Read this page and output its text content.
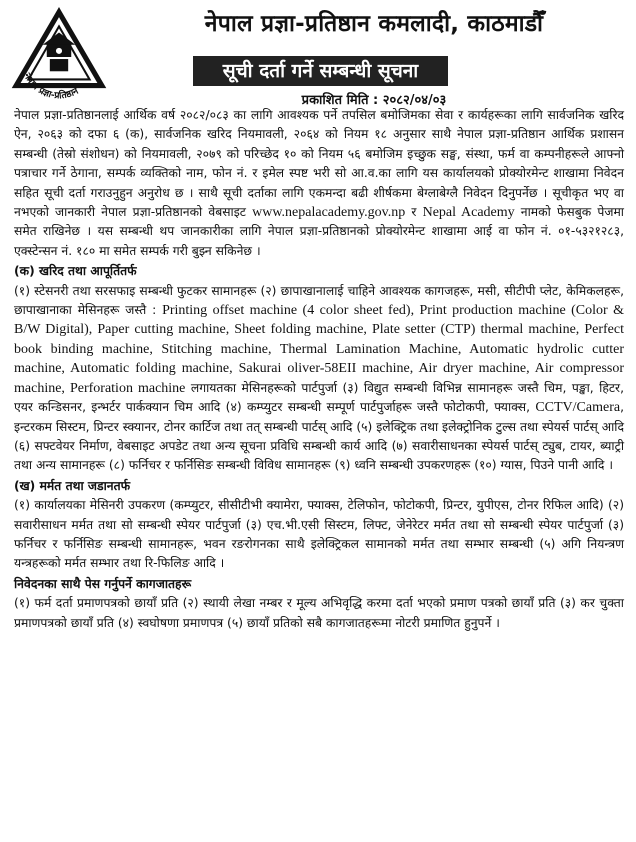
नेपाल प्रज्ञा-प्रतिष्ठान
नेपाल प्रज्ञा-प्रतिष्ठान कमलादी, काठमाडौँ
सूची दर्ता गर्ने सम्बन्धी सूचना
प्रकाशित मिति : २०८२/०४/०३

नेपाल प्रज्ञा-प्रतिष्ठानलाई आर्थिक वर्ष २०८२/०८३ का लागि आवश्यक पर्ने तपसिल बमोजिमका सेवा र कार्यहरूका लागि सार्वजनिक खरिद ऐन, २०६३ को दफा ६ (क), सार्वजनिक खरिद नियमावली, २०६४ को नियम १८ अनुसार साथै नेपाल प्रज्ञा-प्रतिष्ठान आर्थिक प्रशासन सम्बन्धी (तेस्रो संशोधन) को नियमावली, २०७९ को परिच्छेद १० को नियम ५६ बमोजिम इच्छुक सङ्घ, संस्था, फर्म वा कम्पनीहरूले आफ्नो पत्राचार गर्ने ठेगाना, सम्पर्क व्यक्तिको नाम, फोन नं. र इमेल स्पष्ट भरी सो आ.व.का लागि यस कार्यालयको प्रोक्योरमेन्ट शाखामा निवेदन सहित सूची दर्ता गराउनुहुन अनुरोध छ । साथै सूची दर्ताका लागि एकमन्दा बढी शीर्षकमा बेग्लाबेग्लै निवेदन दिनुपर्नेछ । सूचीकृत भए वा नभएको जानकारी नेपाल प्रज्ञा-प्रतिष्ठानको वेबसाइट www.nepalacademy.gov.np र Nepal Academy नामको फेसबुक पेजमा समेत राखिनेछ । यस सम्बन्धी थप जानकारीका लागि नेपाल प्रज्ञा-प्रतिष्ठानको प्रोक्योरमेन्ट शाखामा आई वा फोन नं. ०१-५३२१२८३, एक्स्टेन्सन नं. १८० मा समेत सम्पर्क गरी बुझ्न सकिनेछ ।

(क) खरिद तथा आपूर्तितर्फ

(१) स्टेसनरी तथा सरसफाइ सम्बन्धी फुटकर सामानहरू (२) छापाखानालाई चाहिने आवश्यक कागजहरू, मसी, सीटीपी प्लेट, केमिकलहरू, छापाखानाका मेसिनहरू जस्तै : Printing offset machine (4 color sheet fed), Print production machine (Color & B/W Digital), Paper cutting machine, Sheet folding machine, Plate setter (CTP) thermal machine, Perfect book binding machine, Stitching machine, Thermal Lamination Machine, Automatic hydrolic cutter machine, Automatic folding machine, Sakurai oliver-58EII machine, Air dryer machine, Air compressor machine, Perforation machine लगायतका मेसिनहरूको पार्टपुर्जा (३) विद्युत सम्बन्धी विभिन्न सामानहरू जस्तै चिम, पङ्खा, हिटर, एयर कन्डिसनर, इन्भर्टर पार्कक्यान चिम आदि (४) कम्प्युटर सम्बन्धी सम्पूर्ण पार्टपुर्जाहरू जस्तै फोटोकपी, फ्याक्स, CCTV/Camera, इन्टरकम सिस्टम, प्रिन्टर स्क्यानर, टोनर कार्टिज तथा तत् सम्बन्धी पार्टस् आदि (५) इलेक्ट्रिक तथा इलेक्ट्रोनिक टुल्स तथा स्पेयर्स पार्टस् आदि (६) सफ्टवेयर निर्माण, वेबसाइट अपडेट तथा अन्य सूचना प्रविधि सम्बन्धी कार्य आदि (७) सवारीसाधनका स्पेयर्स पार्टस् ट्युब, टायर, ब्याट्री तथा अन्य सामानहरू (८) फर्निचर र फर्निसिङ सम्बन्धी विविध सामानहरू (९) ध्वनि सम्बन्धी उपकरणहरू (१०) ग्यास, पिउने पानी आदि ।

(ख) मर्मत तथा जडानतर्फ

(१) कार्यालयका मेसिनरी उपकरण (कम्प्युटर, सीसीटीभी क्यामेरा, फ्याक्स, टेलिफोन, फोटोकपी, प्रिन्टर, युपीएस, टोनर रिफिल आदि) (२) सवारीसाधन मर्मत तथा सो सम्बन्धी स्पेयर पार्टपुर्जा (३) एच.भी.एसी सिस्टम, लिफ्ट, जेनेरेटर मर्मत तथा सो सम्बन्धी स्पेयर पार्टपुर्जा (३) फर्निचर र फर्निसिङ सम्बन्धी सामानहरू, भवन रङरोगनका साथै इलेक्ट्रिकल सामानको मर्मत तथा सम्भार सम्बन्धी (५) अगि नियन्त्रण यन्त्रहरूको मर्मत सम्भार तथा रि-फिलिङ आदि ।

निवेदनका साथै पेस गर्नुपर्ने कागजातहरू

(१) फर्म दर्ता प्रमाणपत्रको छायाँ प्रति (२) स्थायी लेखा नम्बर र मूल्य अभिवृद्धि करमा दर्ता भएको प्रमाण पत्रको छायाँ प्रति (३) कर चुक्ता प्रमाणपत्रको छायाँ प्रति (४) स्वघोषणा प्रमाणपत्र (५) छायाँ प्रतिको सबै कागजातहरूमा नोटरी प्रमाणित हुनुपर्ने ।
